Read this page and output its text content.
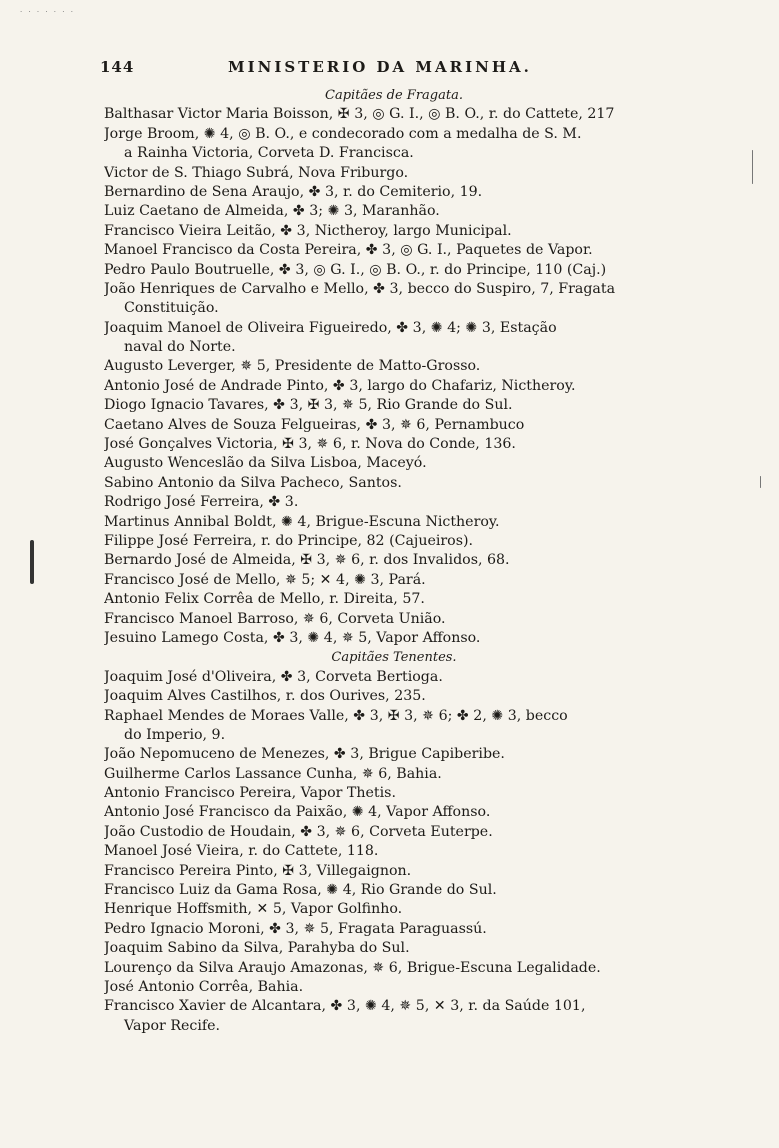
· · · · · · ·
144	MINISTERIO DA MARINHA.
Capitães de Fragata.
Balthasar Victor Maria Boisson, ✠ 3, ◎ G. I., ◎ B. O., r. do Cattete, 217
Jorge Broom, ✺ 4, ◎ B. O., e condecorado com a medalha de S. M.
a Rainha Victoria, Corveta D. Francisca.
Victor de S. Thiago Subrá, Nova Friburgo.
Bernardino de Sena Araujo, ✤ 3, r. do Cemiterio, 19.
Luiz Caetano de Almeida, ✤ 3; ✺ 3, Maranhão.
Francisco Vieira Leitão, ✤ 3, Nictheroy, largo Municipal.
Manoel Francisco da Costa Pereira, ✤ 3, ◎ G. I., Paquetes de Vapor.
Pedro Paulo Boutruelle, ✤ 3, ◎ G. I., ◎ B. O., r. do Principe, 110 (Caj.)
João Henriques de Carvalho e Mello, ✤ 3, becco do Suspiro, 7, Fragata
Constituição.
Joaquim Manoel de Oliveira Figueiredo, ✤ 3, ✺ 4; ✺ 3, Estação
naval do Norte.
Augusto Leverger, ✵ 5, Presidente de Matto-Grosso.
Antonio José de Andrade Pinto, ✤ 3, largo do Chafariz, Nictheroy.
Diogo Ignacio Tavares, ✤ 3, ✠ 3, ✵ 5, Rio Grande do Sul.
Caetano Alves de Souza Felgueiras, ✤ 3, ✵ 6, Pernambuco
José Gonçalves Victoria, ✠ 3, ✵ 6, r. Nova do Conde, 136.
Augusto Wenceslão da Silva Lisboa, Maceyó.
Sabino Antonio da Silva Pacheco, Santos.
Rodrigo José Ferreira, ✤ 3.
Martinus Annibal Boldt, ✺ 4, Brigue-Escuna Nictheroy.
Filippe José Ferreira, r. do Principe, 82 (Cajueiros).
Bernardo José de Almeida, ✠ 3, ✵ 6, r. dos Invalidos, 68.
Francisco José de Mello, ✵ 5; ✕ 4, ✺ 3, Pará.
Antonio Felix Corrêa de Mello, r. Direita, 57.
Francisco Manoel Barroso, ✵ 6, Corveta União.
Jesuino Lamego Costa, ✤ 3, ✺ 4, ✵ 5, Vapor Affonso.
Capitães Tenentes.
Joaquim José d'Oliveira, ✤ 3, Corveta Bertioga.
Joaquim Alves Castilhos, r. dos Ourives, 235.
Raphael Mendes de Moraes Valle, ✤ 3, ✠ 3, ✵ 6; ✤ 2, ✺ 3, becco
do Imperio, 9.
João Nepomuceno de Menezes, ✤ 3, Brigue Capiberibe.
Guilherme Carlos Lassance Cunha, ✵ 6, Bahia.
Antonio Francisco Pereira, Vapor Thetis.
Antonio José Francisco da Paixão, ✺ 4, Vapor Affonso.
João Custodio de Houdain, ✤ 3, ✵ 6, Corveta Euterpe.
Manoel José Vieira, r. do Cattete, 118.
Francisco Pereira Pinto, ✠ 3, Villegaignon.
Francisco Luiz da Gama Rosa, ✺ 4, Rio Grande do Sul.
Henrique Hoffsmith, ✕ 5, Vapor Golfinho.
Pedro Ignacio Moroni, ✤ 3, ✵ 5, Fragata Paraguassú.
Joaquim Sabino da Silva, Parahyba do Sul.
Lourenço da Silva Araujo Amazonas, ✵ 6, Brigue-Escuna Legalidade.
José Antonio Corrêa, Bahia.
Francisco Xavier de Alcantara, ✤ 3, ✺ 4, ✵ 5, ✕ 3, r. da Saúde 101,
Vapor Recife.
